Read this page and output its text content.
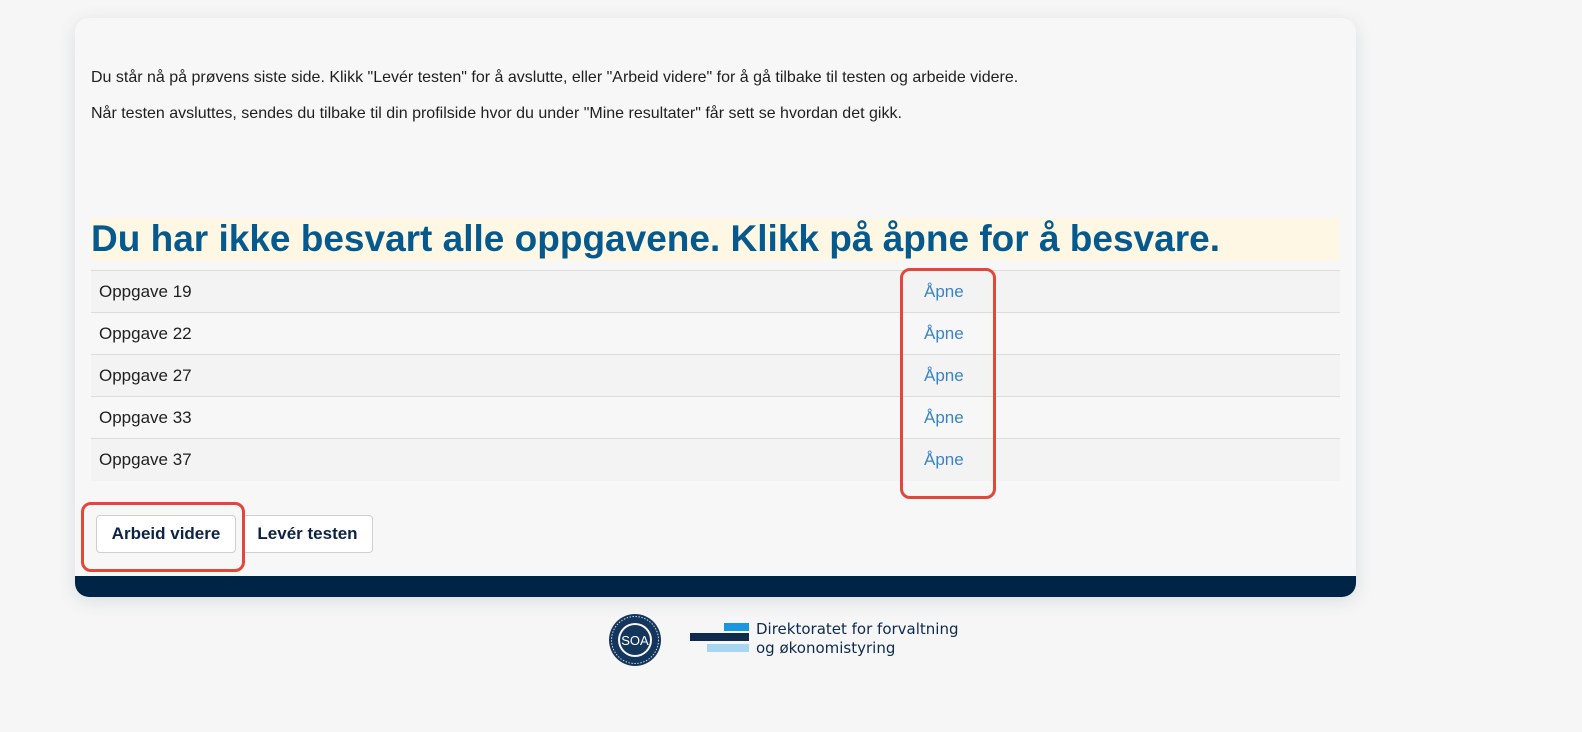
Du står nå på prøvens siste side. Klikk "Levér testen" for å avslutte, eller "Arbeid videre" for å gå tilbake til testen og arbeide videre.

Når testen avsluttes, sendes du tilbake til din profilside hvor du under "Mine resultater" får sett se hvordan det gikk.

Du har ikke besvart alle oppgavene. Klikk på åpne for å besvare.
Oppgave 19	Åpne
Oppgave 22	Åpne
Oppgave 27	Åpne
Oppgave 33	Åpne
Oppgave 37	Åpne
Arbeid videre	Levér testen
SOA
Direktoratet for forvaltning
og økonomistyring
